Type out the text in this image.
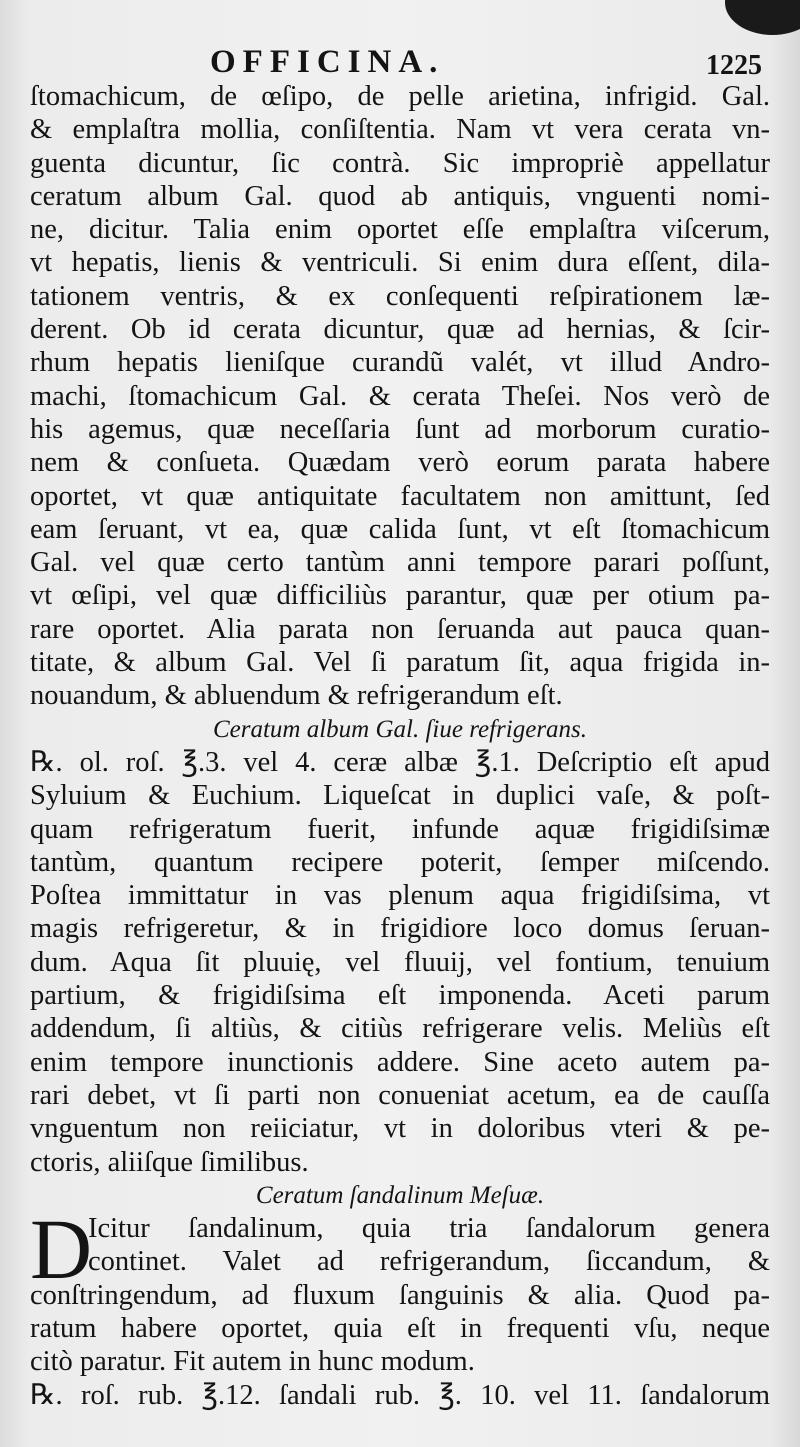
OFFICINA.	1225
ſtomachicum, de œſipo, de pelle arietina, infrigid. Gal.
& emplaſtra mollia, conſiſtentia. Nam vt vera cerata vn-
guenta dicuntur, ſic contrà. Sic impropriè appellatur
ceratum album Gal. quod ab antiquis, vnguenti nomi-
ne, dicitur. Talia enim oportet eſſe emplaſtra viſcerum,
vt hepatis, lienis & ventriculi. Si enim dura eſſent, dila-
tationem ventris, & ex conſequenti reſpirationem læ-
derent. Ob id cerata dicuntur, quæ ad hernias, & ſcir-
rhum hepatis lieniſque curandũ valét, vt illud Andro-
machi, ſtomachicum Gal. & cerata Theſei. Nos verò de
his agemus, quæ neceſſaria ſunt ad morborum curatio-
nem & conſueta. Quædam verò eorum parata habere
oportet, vt quæ antiquitate facultatem non amittunt, ſed
eam ſeruant, vt ea, quæ calida ſunt, vt eſt ſtomachicum
Gal. vel quæ certo tantùm anni tempore parari poſſunt,
vt œſipi, vel quæ difficiliùs parantur, quæ per otium pa-
rare oportet. Alia parata non ſeruanda aut pauca quan-
titate, & album Gal. Vel ſi paratum ſit, aqua frigida in-
nouandum, & abluendum & refrigerandum eſt.
Ceratum album Gal. ſiue refrigerans.
℞. ol. roſ. ℥.3. vel 4. ceræ albæ ℥.1. Deſcriptio eſt apud
Syluium & Euchium. Liqueſcat in duplici vaſe, & poſt-
quam refrigeratum fuerit, infunde aquæ frigidiſsimæ
tantùm, quantum recipere poterit, ſemper miſcendo.
Poſtea immittatur in vas plenum aqua frigidiſsima, vt
magis refrigeretur, & in frigidiore loco domus ſeruan-
dum. Aqua ſit pluuię, vel fluuij, vel fontium, tenuium
partium, & frigidiſsima eſt imponenda. Aceti parum
addendum, ſi altiùs, & citiùs refrigerare velis. Meliùs eſt
enim tempore inunctionis addere. Sine aceto autem pa-
rari debet, vt ſi parti non conueniat acetum, ea de cauſſa
vnguentum non reiiciatur, vt in doloribus vteri & pe-
ctoris, aliiſque ſimilibus.
Ceratum ſandalinum Meſuæ.
D
Icitur ſandalinum, quia tria ſandalorum genera
continet. Valet ad refrigerandum, ſiccandum, &
conſtringendum, ad fluxum ſanguinis & alia. Quod pa-
ratum habere oportet, quia eſt in frequenti vſu, neque
citò paratur. Fit autem in hunc modum.
℞. roſ. rub. ℥.12. ſandali rub. ℥. 10. vel 11. ſandalorum
